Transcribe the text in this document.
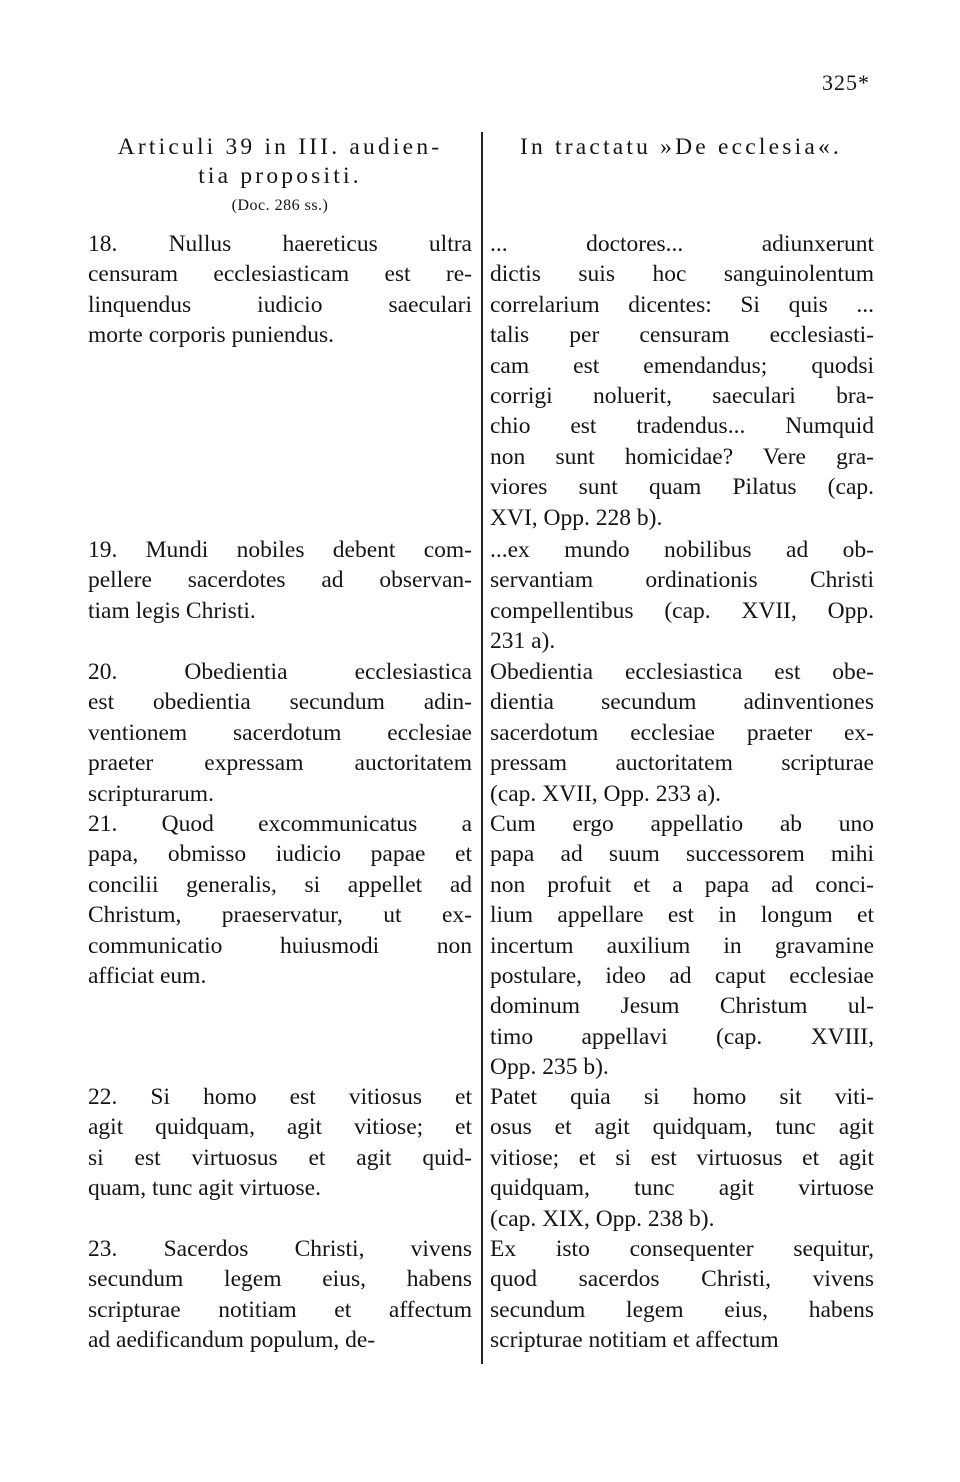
325*
Articuli 39 in III. audien-
tia propositi.
(Doc. 286 ss.)
In tractatu »De ecclesia«.
18. Nullus haereticus ultra
censuram ecclesiasticam est re-
linquendus iudicio saeculari
morte corporis puniendus.
19. Mundi nobiles debent com-
pellere sacerdotes ad observan-
tiam legis Christi.
20. Obedientia ecclesiastica
est obedientia secundum adin-
ventionem sacerdotum ecclesiae
praeter expressam auctoritatem
scripturarum.
21. Quod excommunicatus a
papa, obmisso iudicio papae et
concilii generalis, si appellet ad
Christum, praeservatur, ut ex-
communicatio huiusmodi non
afficiat eum.
22. Si homo est vitiosus et
agit quidquam, agit vitiose; et
si est virtuosus et agit quid-
quam, tunc agit virtuose.
23. Sacerdos Christi, vivens
secundum legem eius, habens
scripturae notitiam et affectum
ad aedificandum populum, de-
... doctores... adiunxerunt
dictis suis hoc sanguinolentum
correlarium dicentes: Si quis ...
talis per censuram ecclesiasti-
cam est emendandus; quodsi
corrigi noluerit, saeculari bra-
chio est tradendus... Numquid
non sunt homicidae? Vere gra-
viores sunt quam Pilatus (cap.
XVI, Opp. 228 b).
...ex mundo nobilibus ad ob-
servantiam ordinationis Christi
compellentibus (cap. XVII, Opp.
231 a).
Obedientia ecclesiastica est obe-
dientia secundum adinventiones
sacerdotum ecclesiae praeter ex-
pressam auctoritatem scripturae
(cap. XVII, Opp. 233 a).
Cum ergo appellatio ab uno
papa ad suum successorem mihi
non profuit et a papa ad conci-
lium appellare est in longum et
incertum auxilium in gravamine
postulare, ideo ad caput ecclesiae
dominum Jesum Christum ul-
timo appellavi (cap. XVIII,
Opp. 235 b).
Patet quia si homo sit viti-
osus et agit quidquam, tunc agit
vitiose; et si est virtuosus et agit
quidquam, tunc agit virtuose
(cap. XIX, Opp. 238 b).
Ex isto consequenter sequitur,
quod sacerdos Christi, vivens
secundum legem eius, habens
scripturae notitiam et affectum
